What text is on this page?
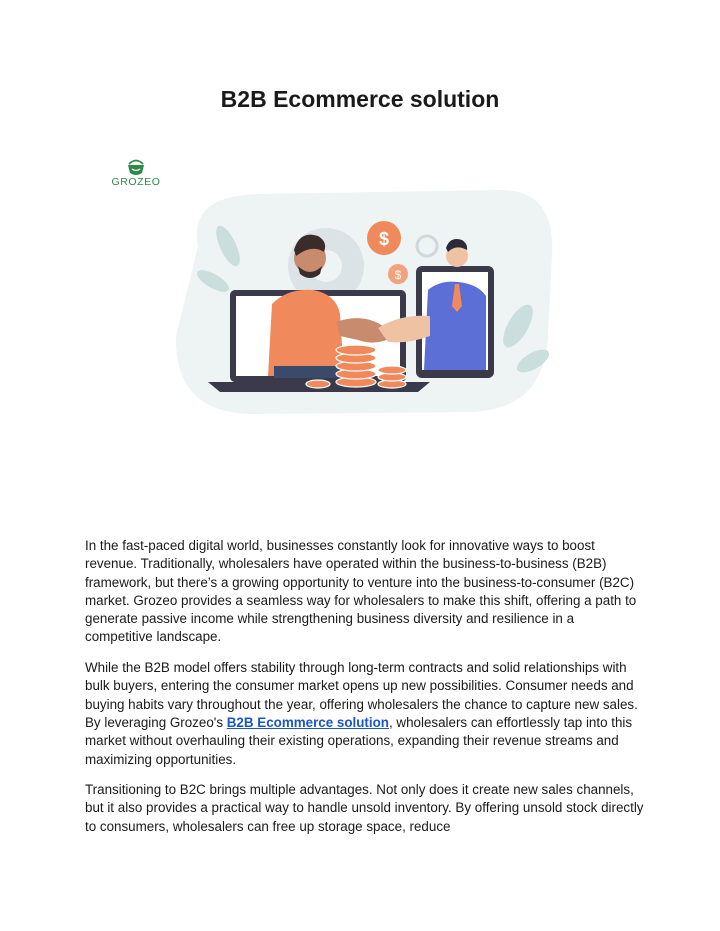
B2B Ecommerce solution
GROZEO
$
$

In the fast-paced digital world, businesses constantly look for innovative ways to boost revenue. Traditionally, wholesalers have operated within the business-to-business (B2B) framework, but there’s a growing opportunity to venture into the business-to-consumer (B2C) market. Grozeo provides a seamless way for wholesalers to make this shift, offering a path to generate passive income while strengthening business diversity and resilience in a competitive landscape.

While the B2B model offers stability through long-term contracts and solid relationships with bulk buyers, entering the consumer market opens up new possibilities. Consumer needs and buying habits vary throughout the year, offering wholesalers the chance to capture new sales. By leveraging Grozeo's B2B Ecommerce solution, wholesalers can effortlessly tap into this market without overhauling their existing operations, expanding their revenue streams and maximizing opportunities.

Transitioning to B2C brings multiple advantages. Not only does it create new sales channels, but it also provides a practical way to handle unsold inventory. By offering unsold stock directly to consumers, wholesalers can free up storage space, reduce
